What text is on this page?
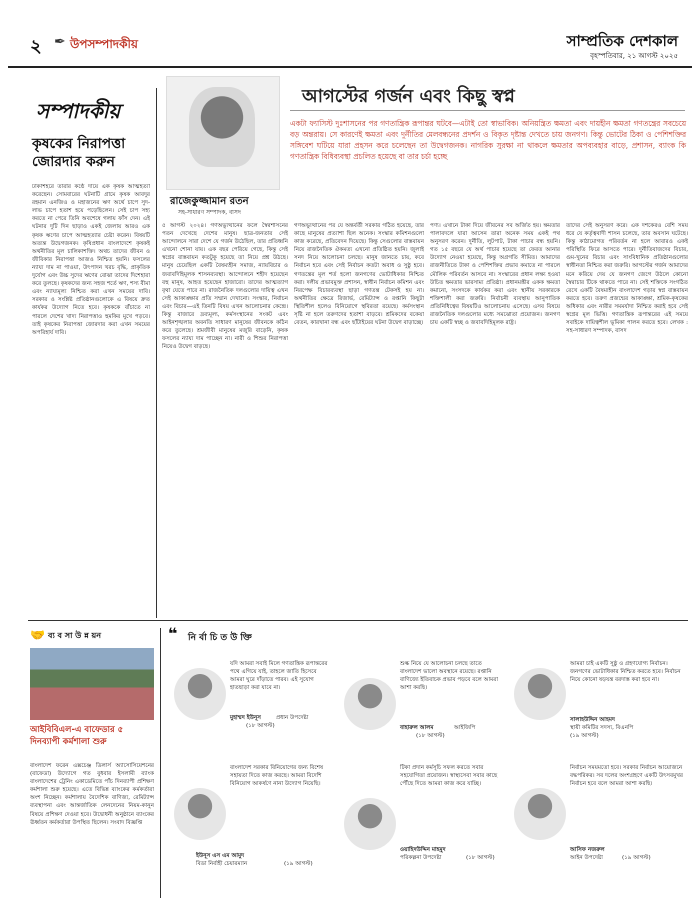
২ ✒ উপসম্পাদকীয়	সাম্প্রতিক দেশকাল
বৃহস্পতিবার, ২১ আগস্ট ২০২৫
সম্পাদকীয়
কৃষকের নিরাপত্তা জোরদার করুন
ঢাকাশহরে তারার কণ্ঠে দায়ে এক কৃষক আত্মহত্যা করেছেন। সোমবারের ঘটনাটি গ্রামে কৃষক আবদুর রহমান এনজিও ও মহাজনের ঋণ অর্থে চাপে সুদ-লাভ চাপে হতাশ হয়ে পড়েছিলেন। সেই চাপ সহ্য করতে না পেরে তিনি অবশেষে গলায় ফাঁস দেন। এই ঘটনার দুটি দিন ছাড়াও একই জেলায় আরও এক কৃষক ঋণের চাপে আত্মহত্যার চেষ্টা করেন। বিষয়টি অত্যন্ত উদ্বেগজনক। কৃষিপ্রধান বাংলাদেশে কৃষকই অর্থনীতির মূল চালিকাশক্তি। অথচ তাদের জীবন ও জীবিকার নিরাপত্তা আজও নিশ্চিত হয়নি। ফসলের ন্যায্য দাম না পাওয়া, উৎপাদন খরচ বৃদ্ধি, প্রাকৃতিক দুর্যোগ এবং উচ্চ সুদের ঋণের বোঝা তাদের দিশেহারা করে তুলছে। কৃষকদের জন্য সহজ শর্তে ঋণ, শস্য বীমা এবং ন্যায্যমূল্য নিশ্চিত করা এখন সময়ের দাবি। সরকার ও সংশ্লিষ্ট প্রতিষ্ঠানগুলোকে এ বিষয়ে দ্রুত কার্যকর উদ্যোগ নিতে হবে। কৃষককে বাঁচাতে না পারলে দেশের খাদ্য নিরাপত্তাও হুমকির মুখে পড়বে। তাই কৃষকের নিরাপত্তা জোরদার করা এখন সময়ের অপরিহার্য দাবি।
আগস্টের গর্জন এবং কিছু স্বপ্ন
একটা ফ্যাসিস্ট দুঃশাসনের পর গণতান্ত্রিক রূপান্তর ঘটবে—এটাই তো স্বাভাবিক। অনিয়ন্ত্রিত ক্ষমতা এবং দায়হীন ক্ষমতা গণতন্ত্রের সবচেয়ে বড় অন্তরায়। সে কারণেই ক্ষমতা এবং দুর্নীতির মেলবন্ধনের প্রদর্শন ও বিকৃত দৃষ্টান্ত দেখতে চায় জনগণ। কিন্তু ভোটের ঠিকা ও পেশিশক্তির সঙ্গিবেশ ঘটিয়ে যারা প্রহসন করে চলেছেন তা উদ্বেগজনক। নাগরিক সুরক্ষা না থাকলে ক্ষমতার অপব্যবহার বাড়ে, প্রশাসন, ব্যাংক কি গণতান্ত্রিক বিধিব্যবস্থা প্রচলিত হয়েছে বা তার চর্চা হচ্ছে
রাজেকুজ্জামান রতন
সহ-সাধারণ সম্পাদক, বাসদ
৫ আগস্ট ২০২৪। গণঅভ্যুত্থানের ফলে স্বৈরশাসনের পতন দেখেছে দেশের মানুষ। ছাত্র-জনতার সেই আন্দোলনে সারা দেশে যে গর্জন উঠেছিল, তার প্রতিধ্বনি এখনো শোনা যায়। এক বছর পেরিয়ে গেছে, কিন্তু সেই স্বপ্নের বাস্তবায়ন কতটুকু হয়েছে তা নিয়ে প্রশ্ন উঠছে। মানুষ চেয়েছিল একটি বৈষম্যহীন সমাজ, ন্যায়বিচার ও জবাবদিহিমূলক শাসনব্যবস্থা। আন্দোলনে শহীদ হয়েছেন বহু মানুষ, আহত হয়েছেন হাজারো। তাদের আত্মত্যাগ বৃথা যেতে পারে না। রাজনৈতিক দলগুলোর দায়িত্ব এখন সেই আকাঙ্ক্ষার প্রতি সম্মান দেখানো। সংস্কার, নির্বাচন এবং বিচার—এই তিনটি বিষয় এখন আলোচনার কেন্দ্রে। কিন্তু বাজারে দ্রব্যমূল্য, কর্মসংস্থানের সংকট এবং আইনশৃঙ্খলার অবনতি সাধারণ মানুষের জীবনকে কঠিন করে তুলেছে। শ্রমজীবী মানুষের মজুরি বাড়েনি, কৃষক ফসলের ন্যায্য দাম পাচ্ছেন না। নারী ও শিশুর নিরাপত্তা নিয়েও উদ্বেগ বাড়ছে।
গণঅভ্যুত্থানের পর যে অন্তর্বর্তী সরকার গঠিত হয়েছে, তার কাছে মানুষের প্রত্যাশা ছিল অনেক। সংস্কার কমিশনগুলো কাজ করেছে, প্রতিবেদন দিয়েছে। কিন্তু সেগুলোর বাস্তবায়ন নিয়ে রাজনৈতিক ঐকমত্য এখনো প্রতিষ্ঠিত হয়নি। জুলাই সনদ নিয়ে আলোচনা চলছে। মানুষ জানতে চায়, কবে নির্বাচন হবে এবং সেই নির্বাচন কতটা অবাধ ও সুষ্ঠু হবে। গণতন্ত্রের মূল শর্ত হলো জনগণের ভোটাধিকার নিশ্চিত করা। দলীয় প্রভাবমুক্ত প্রশাসন, স্বাধীন নির্বাচন কমিশন এবং নিরপেক্ষ বিচারব্যবস্থা ছাড়া গণতন্ত্র টেকসই হয় না। অর্থনীতির ক্ষেত্রে রিজার্ভ, রেমিট্যান্স ও রপ্তানি কিছুটা স্থিতিশীল হলেও বিনিয়োগে স্থবিরতা রয়েছে। কর্মসংস্থান সৃষ্টি না হলে তরুণদের হতাশা বাড়বে। শ্রমিকদের বকেয়া বেতন, কারখানা বন্ধ এবং ছাঁটাইয়ের ঘটনা উদ্বেগ বাড়াচ্ছে।
পণ্য। এখানে টাকা দিয়ে জীবনের সব অর্জিত হয়। ক্ষমতার পালাবদলে যারা আসেন তারা অনেক সময় একই পথ অনুসরণ করেন। দুর্নীতি, লুটপাট, টাকা পাচার বন্ধ হয়নি। গত ১৫ বছরে যে অর্থ পাচার হয়েছে তা ফেরত আনার উদ্যোগ নেওয়া হয়েছে, কিন্তু অগ্রগতি সীমিত। আমাদের রাজনীতিতে টাকা ও পেশিশক্তির প্রভাব কমাতে না পারলে মৌলিক পরিবর্তন আসবে না। সংস্কারের প্রধান লক্ষ্য হওয়া উচিত ক্ষমতার ভারসাম্য প্রতিষ্ঠা। প্রধানমন্ত্রীর একক ক্ষমতা কমানো, সংসদকে কার্যকর করা এবং স্থানীয় সরকারকে শক্তিশালী করা জরুরি। নির্বাচনী ব্যবস্থায় আনুপাতিক প্রতিনিধিত্বের বিষয়টিও আলোচনায় এসেছে। এসব বিষয়ে রাজনৈতিক দলগুলোর মধ্যে সমঝোতা প্রয়োজন। জনগণ চায় একটি স্বচ্ছ ও জবাবদিহিমূলক রাষ্ট্র।
তাদের সেই অনুসরণ করে। এক দশকেরও বেশি সময় ধরে যে কর্তৃত্ববাদী শাসন চলেছে, তার অবসান ঘটেছে। কিন্তু কাঠামোগত পরিবর্তন না হলে আবারও একই পরিস্থিতি ফিরে আসতে পারে। দুর্নীতিবাজদের বিচার, গুম-খুনের বিচার এবং সাংবিধানিক প্রতিষ্ঠানগুলোর স্বাধীনতা নিশ্চিত করা জরুরি। আগস্টের গর্জন আমাদের মনে করিয়ে দেয় যে জনগণ জেগে উঠলে কোনো স্বৈরাচার টিকে থাকতে পারে না। সেই শক্তিকে সংগঠিত রেখে একটি বৈষম্যহীন বাংলাদেশ গড়ার স্বপ্ন বাস্তবায়ন করতে হবে। তরুণ প্রজন্মের আকাঙ্ক্ষা, শ্রমিক-কৃষকের অধিকার এবং নারীর সমমর্যাদা নিশ্চিত করাই হবে সেই স্বপ্নের মূল ভিত্তি। গণতান্ত্রিক রূপান্তরের এই সময়ে সবাইকে দায়িত্বশীল ভূমিকা পালন করতে হবে। লেখক : সহ-সাধারণ সম্পাদক, বাসদ
🤝 ব্য ব সা উ ন্ন য়ন
আইবিবিএল-এ বাফেডার ৫ দিনব্যাপী কর্মশালা শুরু
বাংলাদেশ ফরেন এক্সচেঞ্জ ডিলার্স অ্যাসোসিয়েশনের (বাফেডা) উদ্যোগে গত বুধবার ইসলামী ব্যাংক বাংলাদেশের ট্রেনিং একাডেমিতে পাঁচ দিনব্যাপী প্রশিক্ষণ কর্মশালা শুরু হয়েছে। এতে বিভিন্ন ব্যাংকের কর্মকর্তারা অংশ নিচ্ছেন। কর্মশালায় বৈদেশিক বাণিজ্য, রেমিট্যান্স ব্যবস্থাপনা এবং আন্তর্জাতিক লেনদেনের নিয়ম-কানুন বিষয়ে প্রশিক্ষণ দেওয়া হবে। উদ্বোধনী অনুষ্ঠানে ব্যাংকের ঊর্ধ্বতন কর্মকর্তারা উপস্থিত ছিলেন। সংবাদ বিজ্ঞপ্তি
❝ নি র্বা চি ত উ ক্তি
যদি আমরা সবাই মিলে গণতান্ত্রিক রূপান্তরের পথে এগিয়ে যাই, তাহলে জাতি হিসেবে আমরা ঘুরে দাঁড়াতে পারব। এই সুযোগ হাতছাড়া করা যাবে না।
মুহাম্মদ ইউনূস	প্রধান উপদেষ্টা
(১৮ আগস্ট)
শুল্ক নিয়ে যে আলোচনা চলছে তাতে বাংলাদেশ ভালো অবস্থানে রয়েছে। রপ্তানি বাণিজ্যে ইতিবাচক প্রভাব পড়বে বলে আমরা আশা করছি।
বাহারুল আলম	আইজিপি
(১৮ আগস্ট)
আমরা চাই একটি সুষ্ঠু ও গ্রহণযোগ্য নির্বাচন। জনগণের ভোটাধিকার নিশ্চিত করতে হবে। নির্বাচন নিয়ে কোনো ষড়যন্ত্র বরদাস্ত করা হবে না।
সালাহউদ্দিন আহমদ
স্থায়ী কমিটির সদস্য, বিএনপি
(১৯ আগস্ট)
বাংলাদেশ সরকার বিনিয়োগের জন্য বিশেষ সহায়তা দিতে কাজ করছে। আমরা বিদেশি বিনিয়োগ আকর্ষণে নানা উদ্যোগ নিয়েছি।
ইউনূস এস এম আমুদ
বিডা নির্বাহী চেয়ারম্যান	(১৯ আগস্ট)
টিকা প্রদান কর্মসূচি সফল করতে সবার সহযোগিতা প্রয়োজন। স্বাস্থ্যসেবা সবার কাছে পৌঁছে দিতে আমরা কাজ করে যাচ্ছি।
ওয়াহিদউদ্দিন মাহমুদ
পরিকল্পনা উপদেষ্টা	(১৮ আগস্ট)
নির্বাচন সময়মতো হবে। সরকার নির্বাচন আয়োজনে বদ্ধপরিকর। সব দলের অংশগ্রহণে একটি উৎসবমুখর নির্বাচন হবে বলে আমরা আশা করছি।
আসিফ নজরুল
আইন উপদেষ্টা	(১৯ আগস্ট)
